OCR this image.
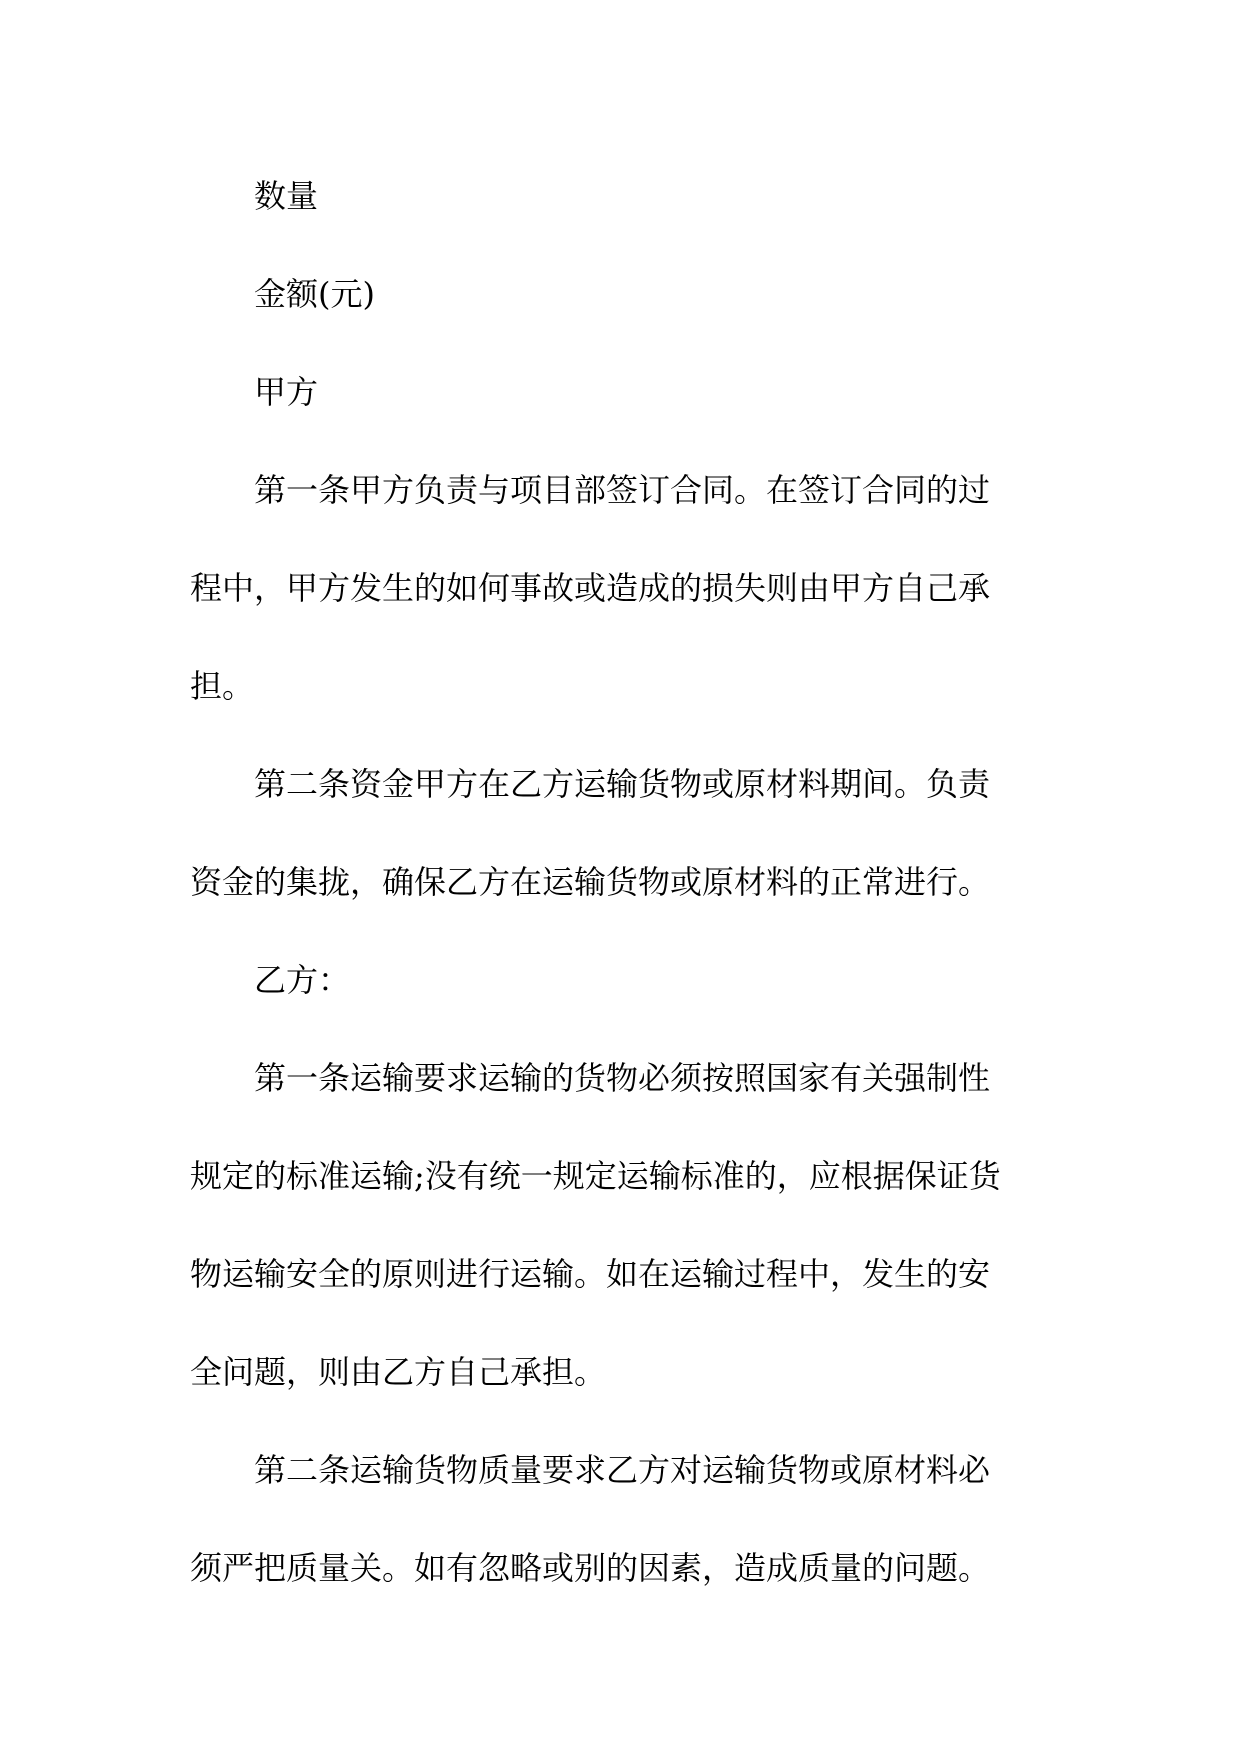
数量

金额(元)

甲方

第一条甲方负责与项目部签订合同。在签订合同的过

程中，甲方发生的如何事故或造成的损失则由甲方自己承

担。

第二条资金甲方在乙方运输货物或原材料期间。负责

资金的集拢，确保乙方在运输货物或原材料的正常进行。

乙方：

第一条运输要求运输的货物必须按照国家有关强制性

规定的标准运输;没有统一规定运输标准的，应根据保证货

物运输安全的原则进行运输。如在运输过程中，发生的安

全问题，则由乙方自己承担。

第二条运输货物质量要求乙方对运输货物或原材料必

须严把质量关。如有忽略或别的因素，造成质量的问题。
